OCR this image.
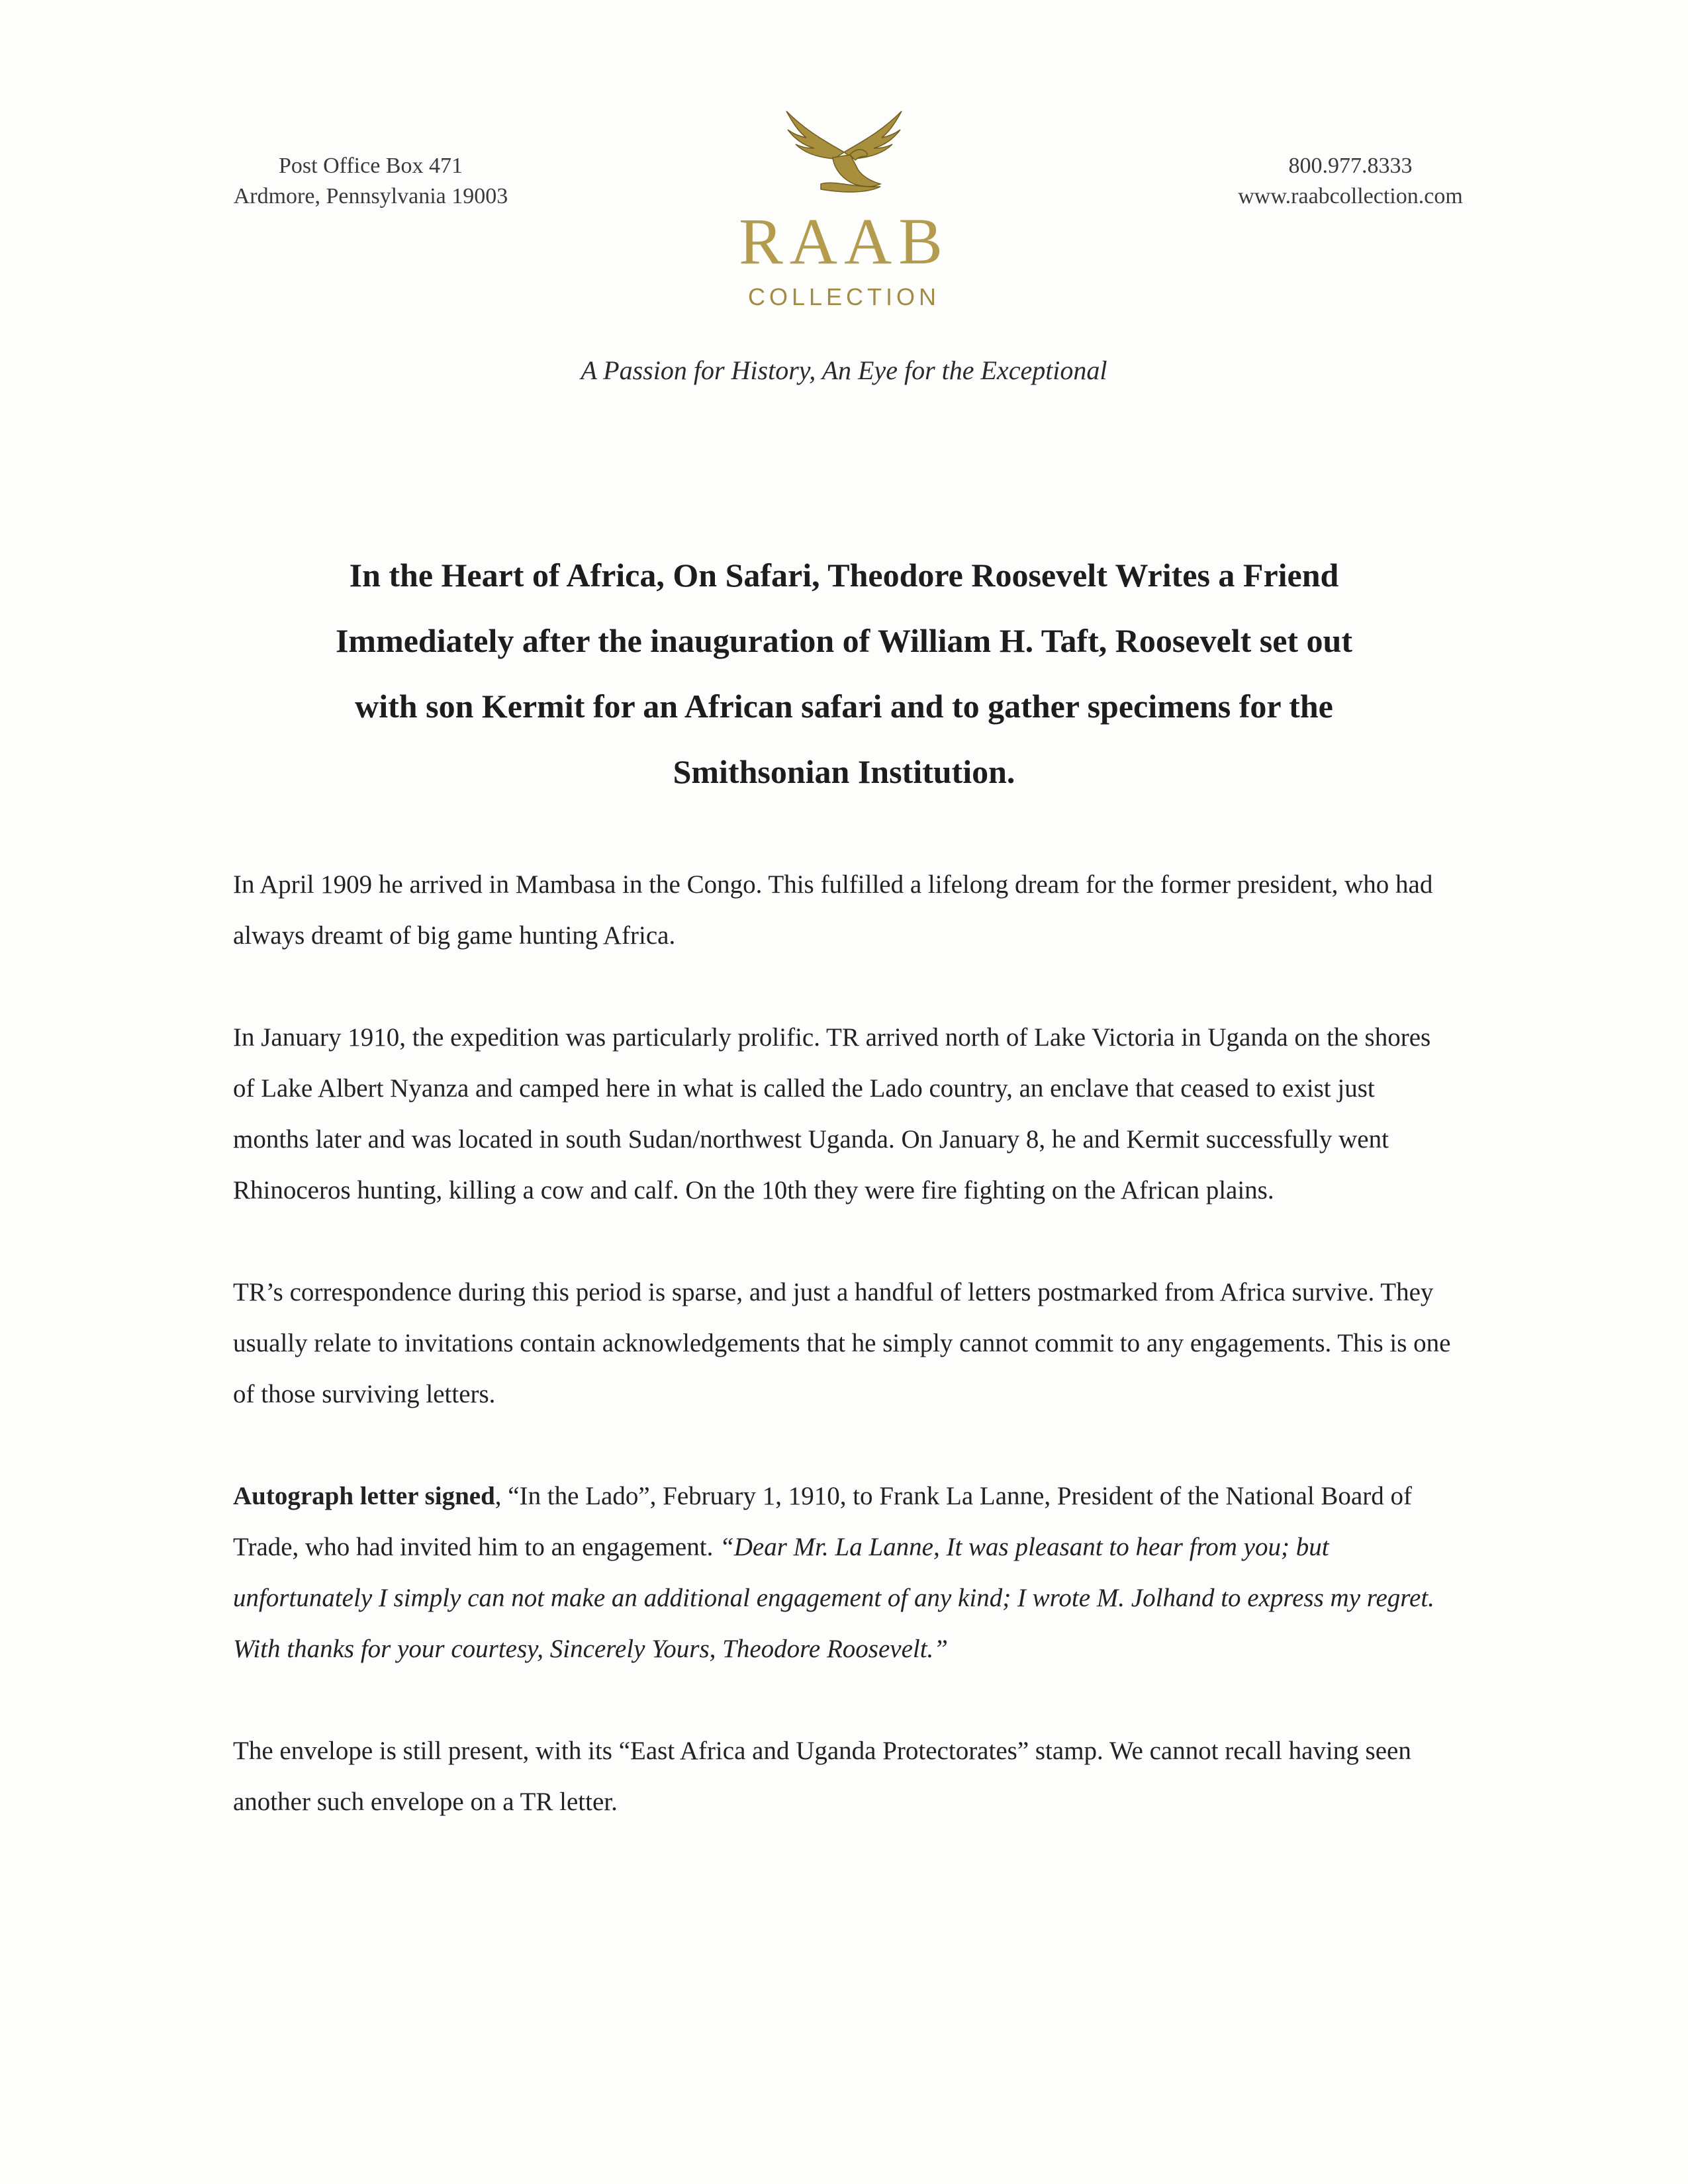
Post Office Box 471
Ardmore, Pennsylvania 19003
RAAB
COLLECTION
800.977.8333
www.raabcollection.com
A Passion for History, An Eye for the Exceptional
In the Heart of Africa, On Safari, Theodore Roosevelt Writes a Friend
Immediately after the inauguration of William H. Taft, Roosevelt set out
with son Kermit for an African safari and to gather specimens for the
Smithsonian Institution.

In April 1909 he arrived in Mambasa in the Congo. This fulfilled a lifelong dream for the former president, who had always dreamt of big game hunting Africa.

In January 1910, the expedition was particularly prolific. TR arrived north of Lake Victoria in Uganda on the shores of Lake Albert Nyanza and camped here in what is called the Lado country, an enclave that ceased to exist just months later and was located in south Sudan/northwest Uganda. On January 8, he and Kermit successfully went Rhinoceros hunting, killing a cow and calf. On the 10th they were fire fighting on the African plains.

TR’s correspondence during this period is sparse, and just a handful of letters postmarked from Africa survive. They usually relate to invitations contain acknowledgements that he simply cannot commit to any engagements. This is one of those surviving letters.

Autograph letter signed, “In the Lado”, February 1, 1910, to Frank La Lanne, President of the National Board of Trade, who had invited him to an engagement. “Dear Mr. La Lanne, It was pleasant to hear from you; but unfortunately I simply can not make an additional engagement of any kind; I wrote M. Jolhand to express my regret. With thanks for your courtesy, Sincerely Yours, Theodore Roosevelt.”

The envelope is still present, with its “East Africa and Uganda Protectorates” stamp. We cannot recall having seen another such envelope on a TR letter.
